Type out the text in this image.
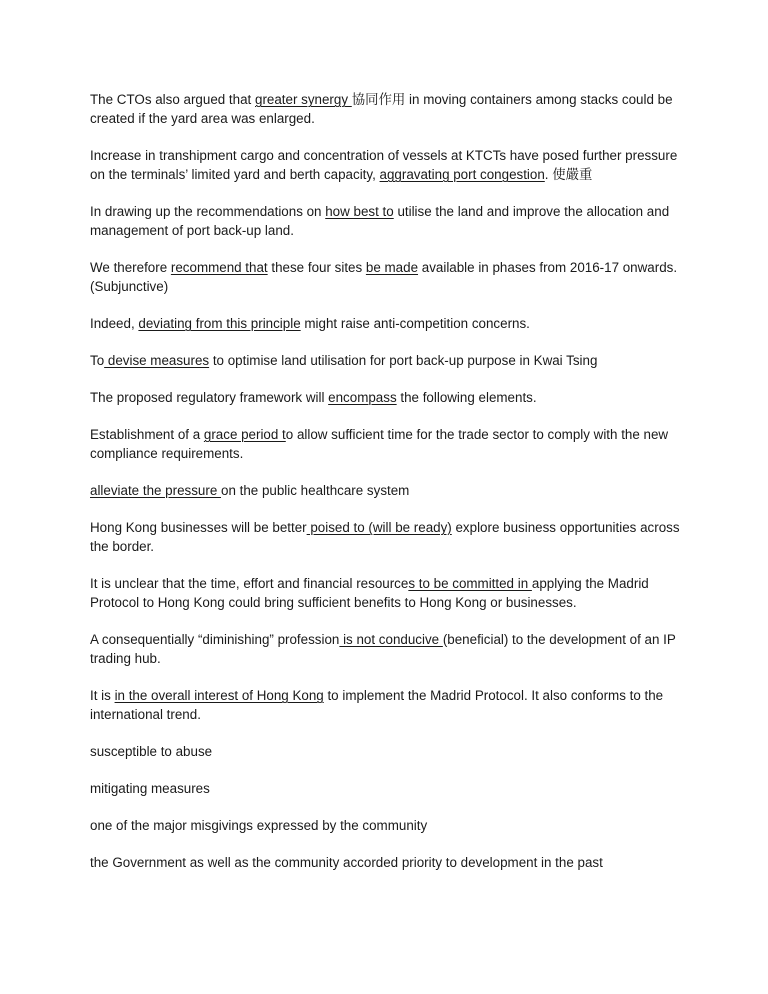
The CTOs also argued that greater synergy 協同作用 in moving containers among stacks could be created if the yard area was enlarged.

Increase in transhipment cargo and concentration of vessels at KTCTs have posed further pressure on the terminals’ limited yard and berth capacity, aggravating port congestion. 使嚴重

In drawing up the recommendations on how best to utilise the land and improve the allocation and management of port back-up land.

We therefore recommend that these four sites be made available in phases from 2016-17 onwards. (Subjunctive)

Indeed, deviating from this principle might raise anti-competition concerns.

To devise measures to optimise land utilisation for port back-up purpose in Kwai Tsing

The proposed regulatory framework will encompass the following elements.

Establishment of a grace period to allow sufficient time for the trade sector to comply with the new compliance requirements.

alleviate the pressure on the public healthcare system

Hong Kong businesses will be better poised to (will be ready) explore business opportunities across the border.

It is unclear that the time, effort and financial resources to be committed in applying the Madrid Protocol to Hong Kong could bring sufficient benefits to Hong Kong or businesses.

A consequentially “diminishing” profession is not conducive (beneficial) to the development of an IP trading hub.

It is in the overall interest of Hong Kong to implement the Madrid Protocol. It also conforms to the international trend.

susceptible to abuse

mitigating measures

one of the major misgivings expressed by the community

the Government as well as the community accorded priority to development in the past
